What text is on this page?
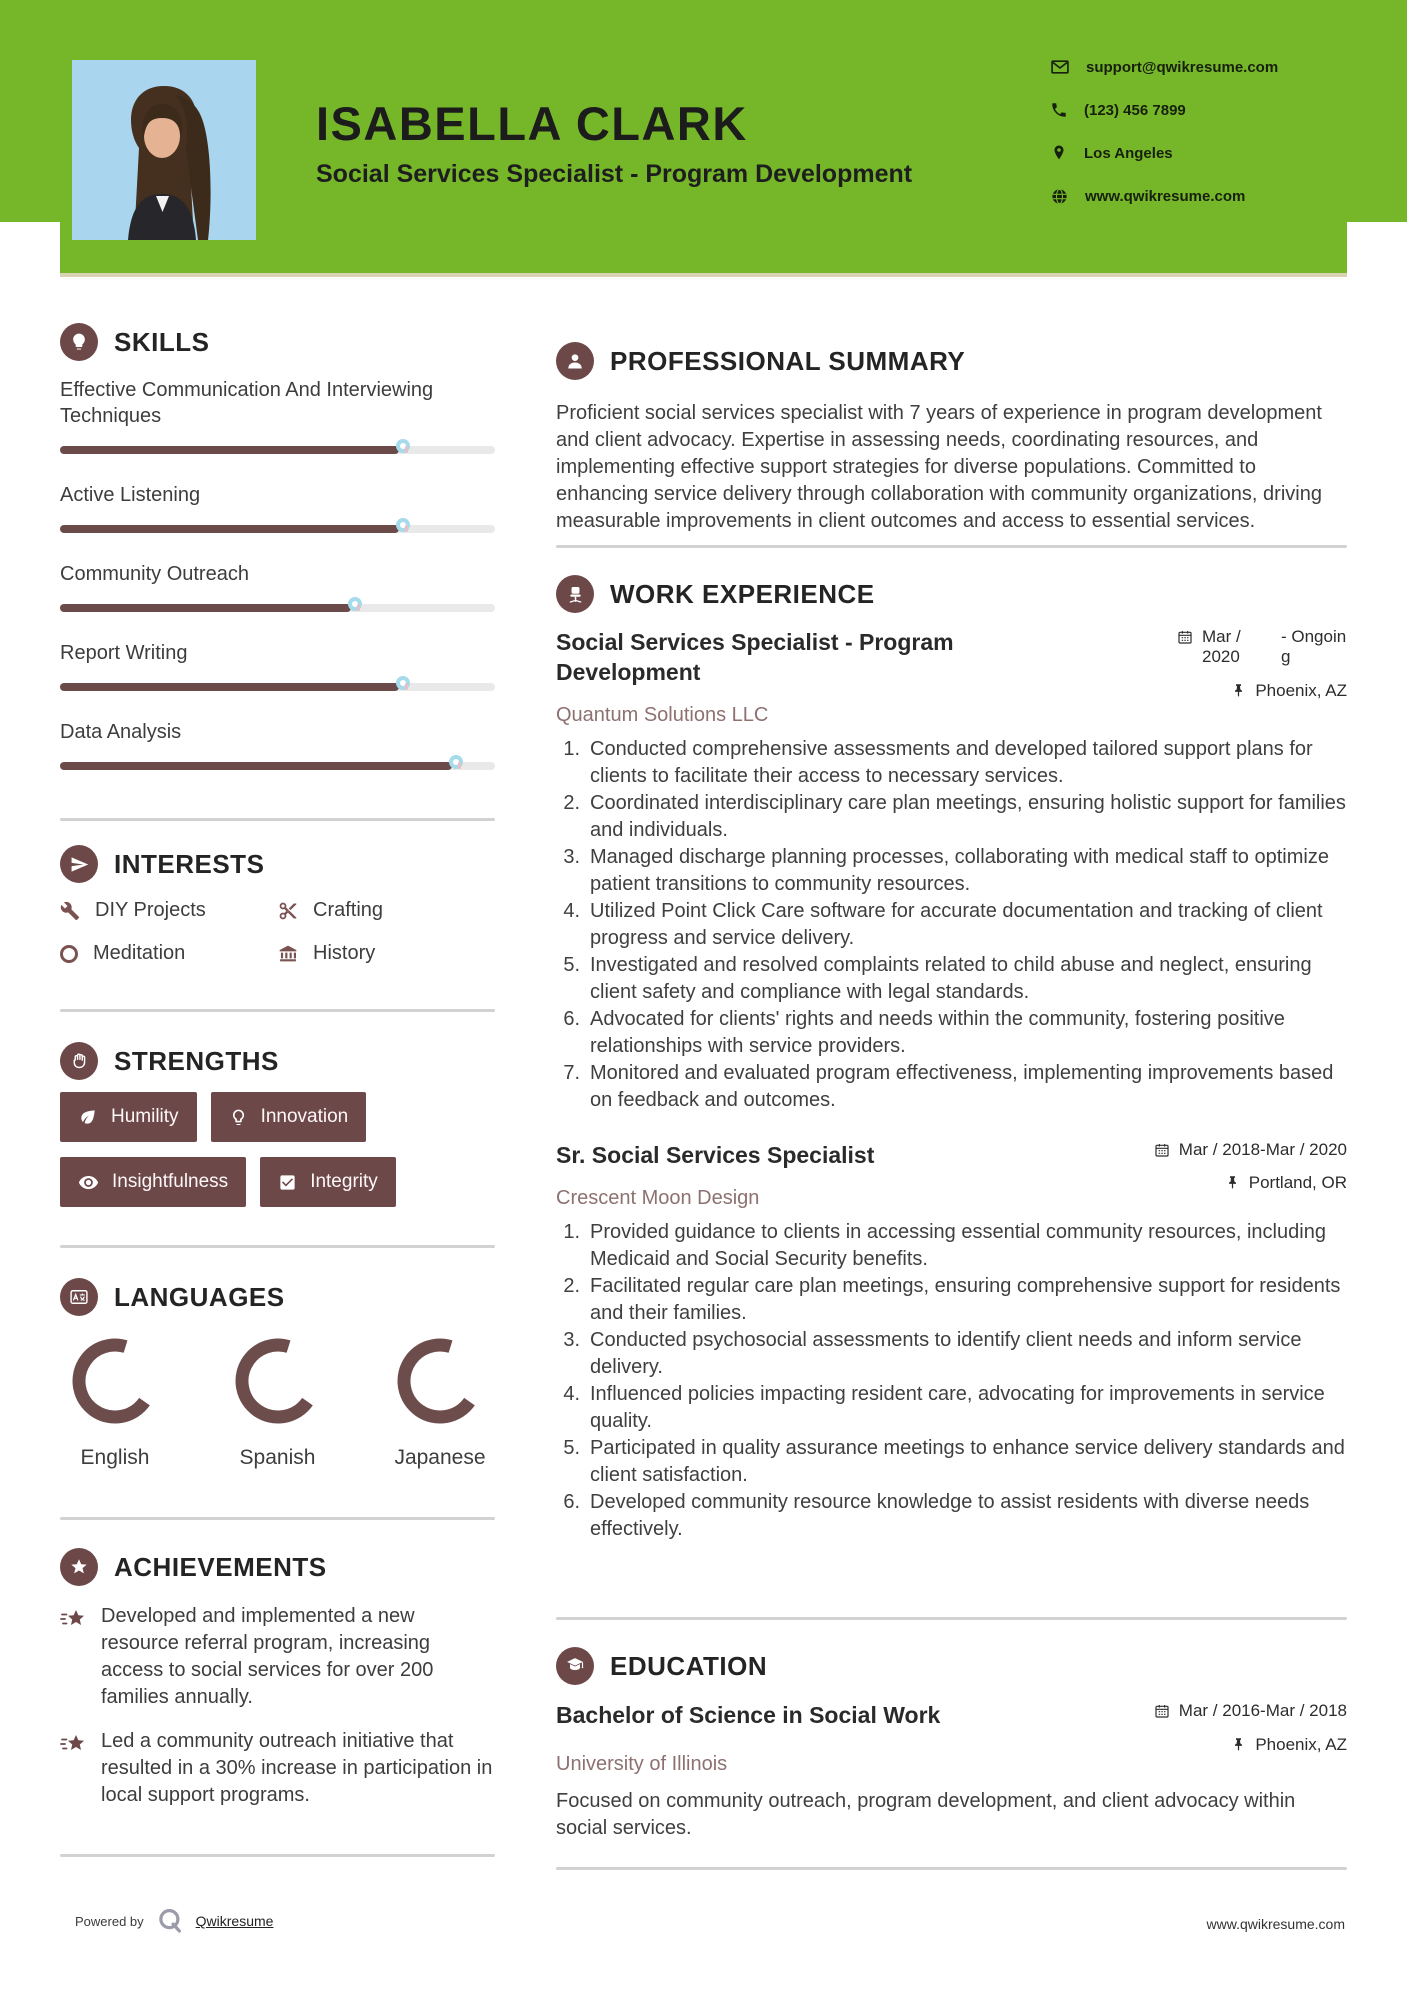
ISABELLA CLARK
Social Services Specialist - Program Development
support@qwikresume.com
(123) 456 7899
Los Angeles
www.qwikresume.com
SKILLS
Effective Communication And Interviewing Techniques
Active Listening
Community Outreach
Report Writing
Data Analysis
INTERESTS
DIY Projects	Crafting
Meditation	History
STRENGTHS
Humility	Innovation
Insightfulness	Integrity
LANGUAGES
English	Spanish	Japanese
ACHIEVEMENTS
Developed and implemented a new resource referral program, increasing access to social services for over 200 families annually.
Led a community outreach initiative that resulted in a 30% increase in participation in local support programs.
PROFESSIONAL SUMMARY
Proficient social services specialist with 7 years of experience in program development and client advocacy. Expertise in assessing needs, coordinating resources, and implementing effective support strategies for diverse populations. Committed to enhancing service delivery through collaboration with community organizations, driving measurable improvements in client outcomes and access to essential services.
WORK EXPERIENCE
Social Services Specialist - Program Development
Quantum Solutions LLC
Mar / 2020
- Ongoing
Phoenix, AZ
Conducted comprehensive assessments and developed tailored support plans for clients to facilitate their access to necessary services.
Coordinated interdisciplinary care plan meetings, ensuring holistic support for families and individuals.
Managed discharge planning processes, collaborating with medical staff to optimize patient transitions to community resources.
Utilized Point Click Care software for accurate documentation and tracking of client progress and service delivery.
Investigated and resolved complaints related to child abuse and neglect, ensuring client safety and compliance with legal standards.
Advocated for clients' rights and needs within the community, fostering positive relationships with service providers.
Monitored and evaluated program effectiveness, implementing improvements based on feedback and outcomes.
Sr. Social Services Specialist
Crescent Moon Design
Mar / 2018-Mar / 2020
Portland, OR
Provided guidance to clients in accessing essential community resources, including Medicaid and Social Security benefits.
Facilitated regular care plan meetings, ensuring comprehensive support for residents and their families.
Conducted psychosocial assessments to identify client needs and inform service delivery.
Influenced policies impacting resident care, advocating for improvements in service quality.
Participated in quality assurance meetings to enhance service delivery standards and client satisfaction.
Developed community resource knowledge to assist residents with diverse needs effectively.
EDUCATION
Bachelor of Science in Social Work
University of Illinois
Mar / 2016-Mar / 2018
Phoenix, AZ
Focused on community outreach, program development, and client advocacy within social services.
Powered by	Qwikresume	www.qwikresume.com
